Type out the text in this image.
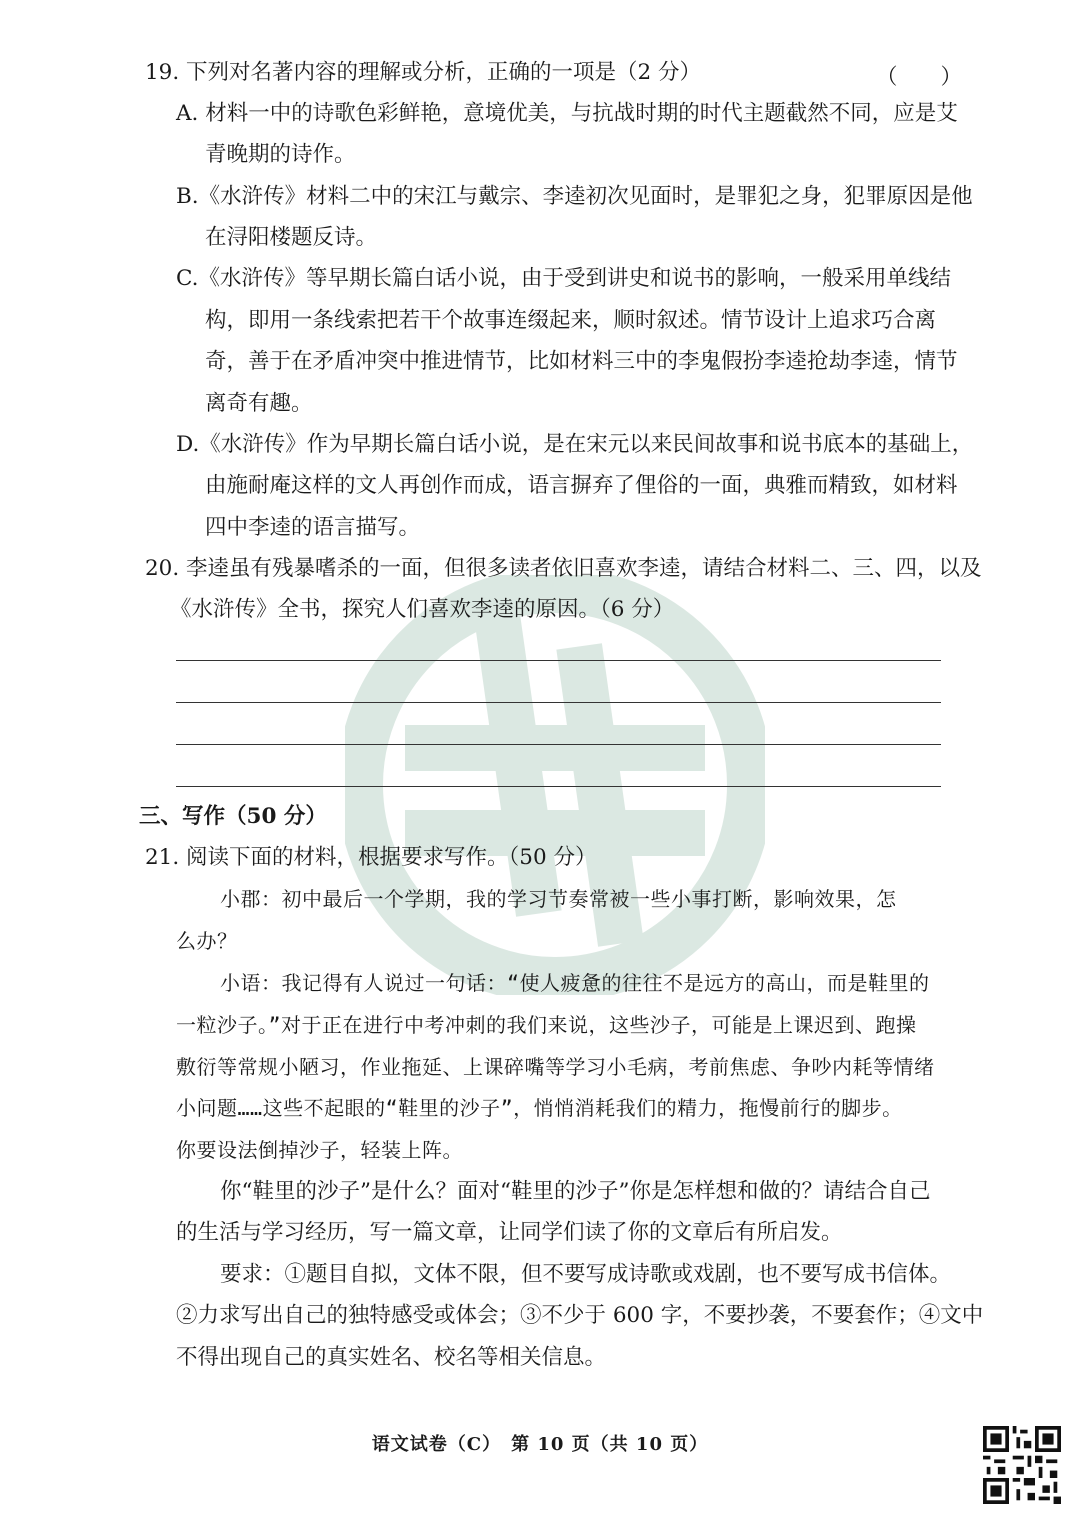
19. 下列对名著内容的理解或分析，正确的一项是（2 分）	（　　）
A. 材料一中的诗歌色彩鲜艳，意境优美，与抗战时期的时代主题截然不同，应是艾
青晚期的诗作。
B.《水浒传》材料二中的宋江与戴宗、李逵初次见面时，是罪犯之身，犯罪原因是他
在浔阳楼题反诗。
C.《水浒传》等早期长篇白话小说，由于受到讲史和说书的影响，一般采用单线结
构，即用一条线索把若干个故事连缀起来，顺时叙述。情节设计上追求巧合离
奇，善于在矛盾冲突中推进情节，比如材料三中的李鬼假扮李逵抢劫李逵，情节
离奇有趣。
D.《水浒传》作为早期长篇白话小说，是在宋元以来民间故事和说书底本的基础上，
由施耐庵这样的文人再创作而成，语言摒弃了俚俗的一面，典雅而精致，如材料
四中李逵的语言描写。
20. 李逵虽有残暴嗜杀的一面，但很多读者依旧喜欢李逵，请结合材料二、三、四，以及
《水浒传》全书，探究人们喜欢李逵的原因。（6 分）
三、写作（50 分）
21. 阅读下面的材料，根据要求写作。（50 分）
小郡：初中最后一个学期，我的学习节奏常被一些小事打断，影响效果，怎
么办？
小语：我记得有人说过一句话：“使人疲惫的往往不是远方的高山，而是鞋里的
一粒沙子。”对于正在进行中考冲刺的我们来说，这些沙子，可能是上课迟到、跑操
敷衍等常规小陋习，作业拖延、上课碎嘴等学习小毛病，考前焦虑、争吵内耗等情绪
小问题……这些不起眼的“鞋里的沙子”，悄悄消耗我们的精力，拖慢前行的脚步。
你要设法倒掉沙子，轻装上阵。
你“鞋里的沙子”是什么？面对“鞋里的沙子”你是怎样想和做的？请结合自己
的生活与学习经历，写一篇文章，让同学们读了你的文章后有所启发。
要求：①题目自拟，文体不限，但不要写成诗歌或戏剧，也不要写成书信体。
②力求写出自己的独特感受或体会；③不少于 600 字，不要抄袭，不要套作；④文中
不得出现自己的真实姓名、校名等相关信息。
语文试卷（C）　第 10 页（共 10 页）
